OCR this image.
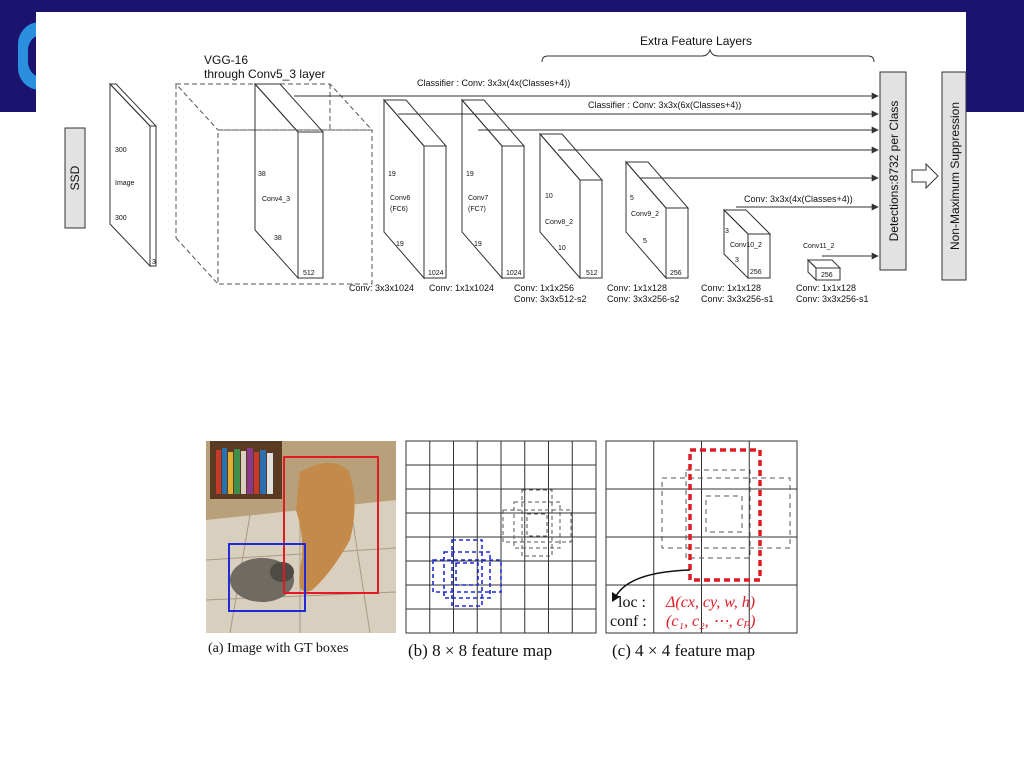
SSD
300
Image
300
3
VGG-16
through Conv5_3 layer
38
Conv4_3
38
512
19
Conv6
(FC6)
19
1024
19
Conv7
(FC7)
19
1024
10
Conv8_2
10
512
5
Conv9_2
5
256
3
Conv10_2
3
256
Conv11_2
256
Extra Feature Layers
Classifier : Conv: 3x3x(4x(Classes+4))
Classifier : Conv: 3x3x(6x(Classes+4))
Conv: 3x3x(4x(Classes+4))	Detections:8732 per Class	Non-Maximum Suppression
Conv: 3x3x1024 Conv: 1x1x1024 Conv: 1x1x256
Conv: 3x3x512-s2
Conv: 1x1x128
Conv: 3x3x256-s2
Conv: 1x1x128
Conv: 3x3x256-s1
Conv: 1x1x128
Conv: 3x3x256-s1
loc : Δ(cx, cy, w, h)
conf : (c₁, c₂, ⋯, cₚ)
(a) Image with GT boxes	(b) 8 × 8 feature map	(c) 4 × 4 feature map
